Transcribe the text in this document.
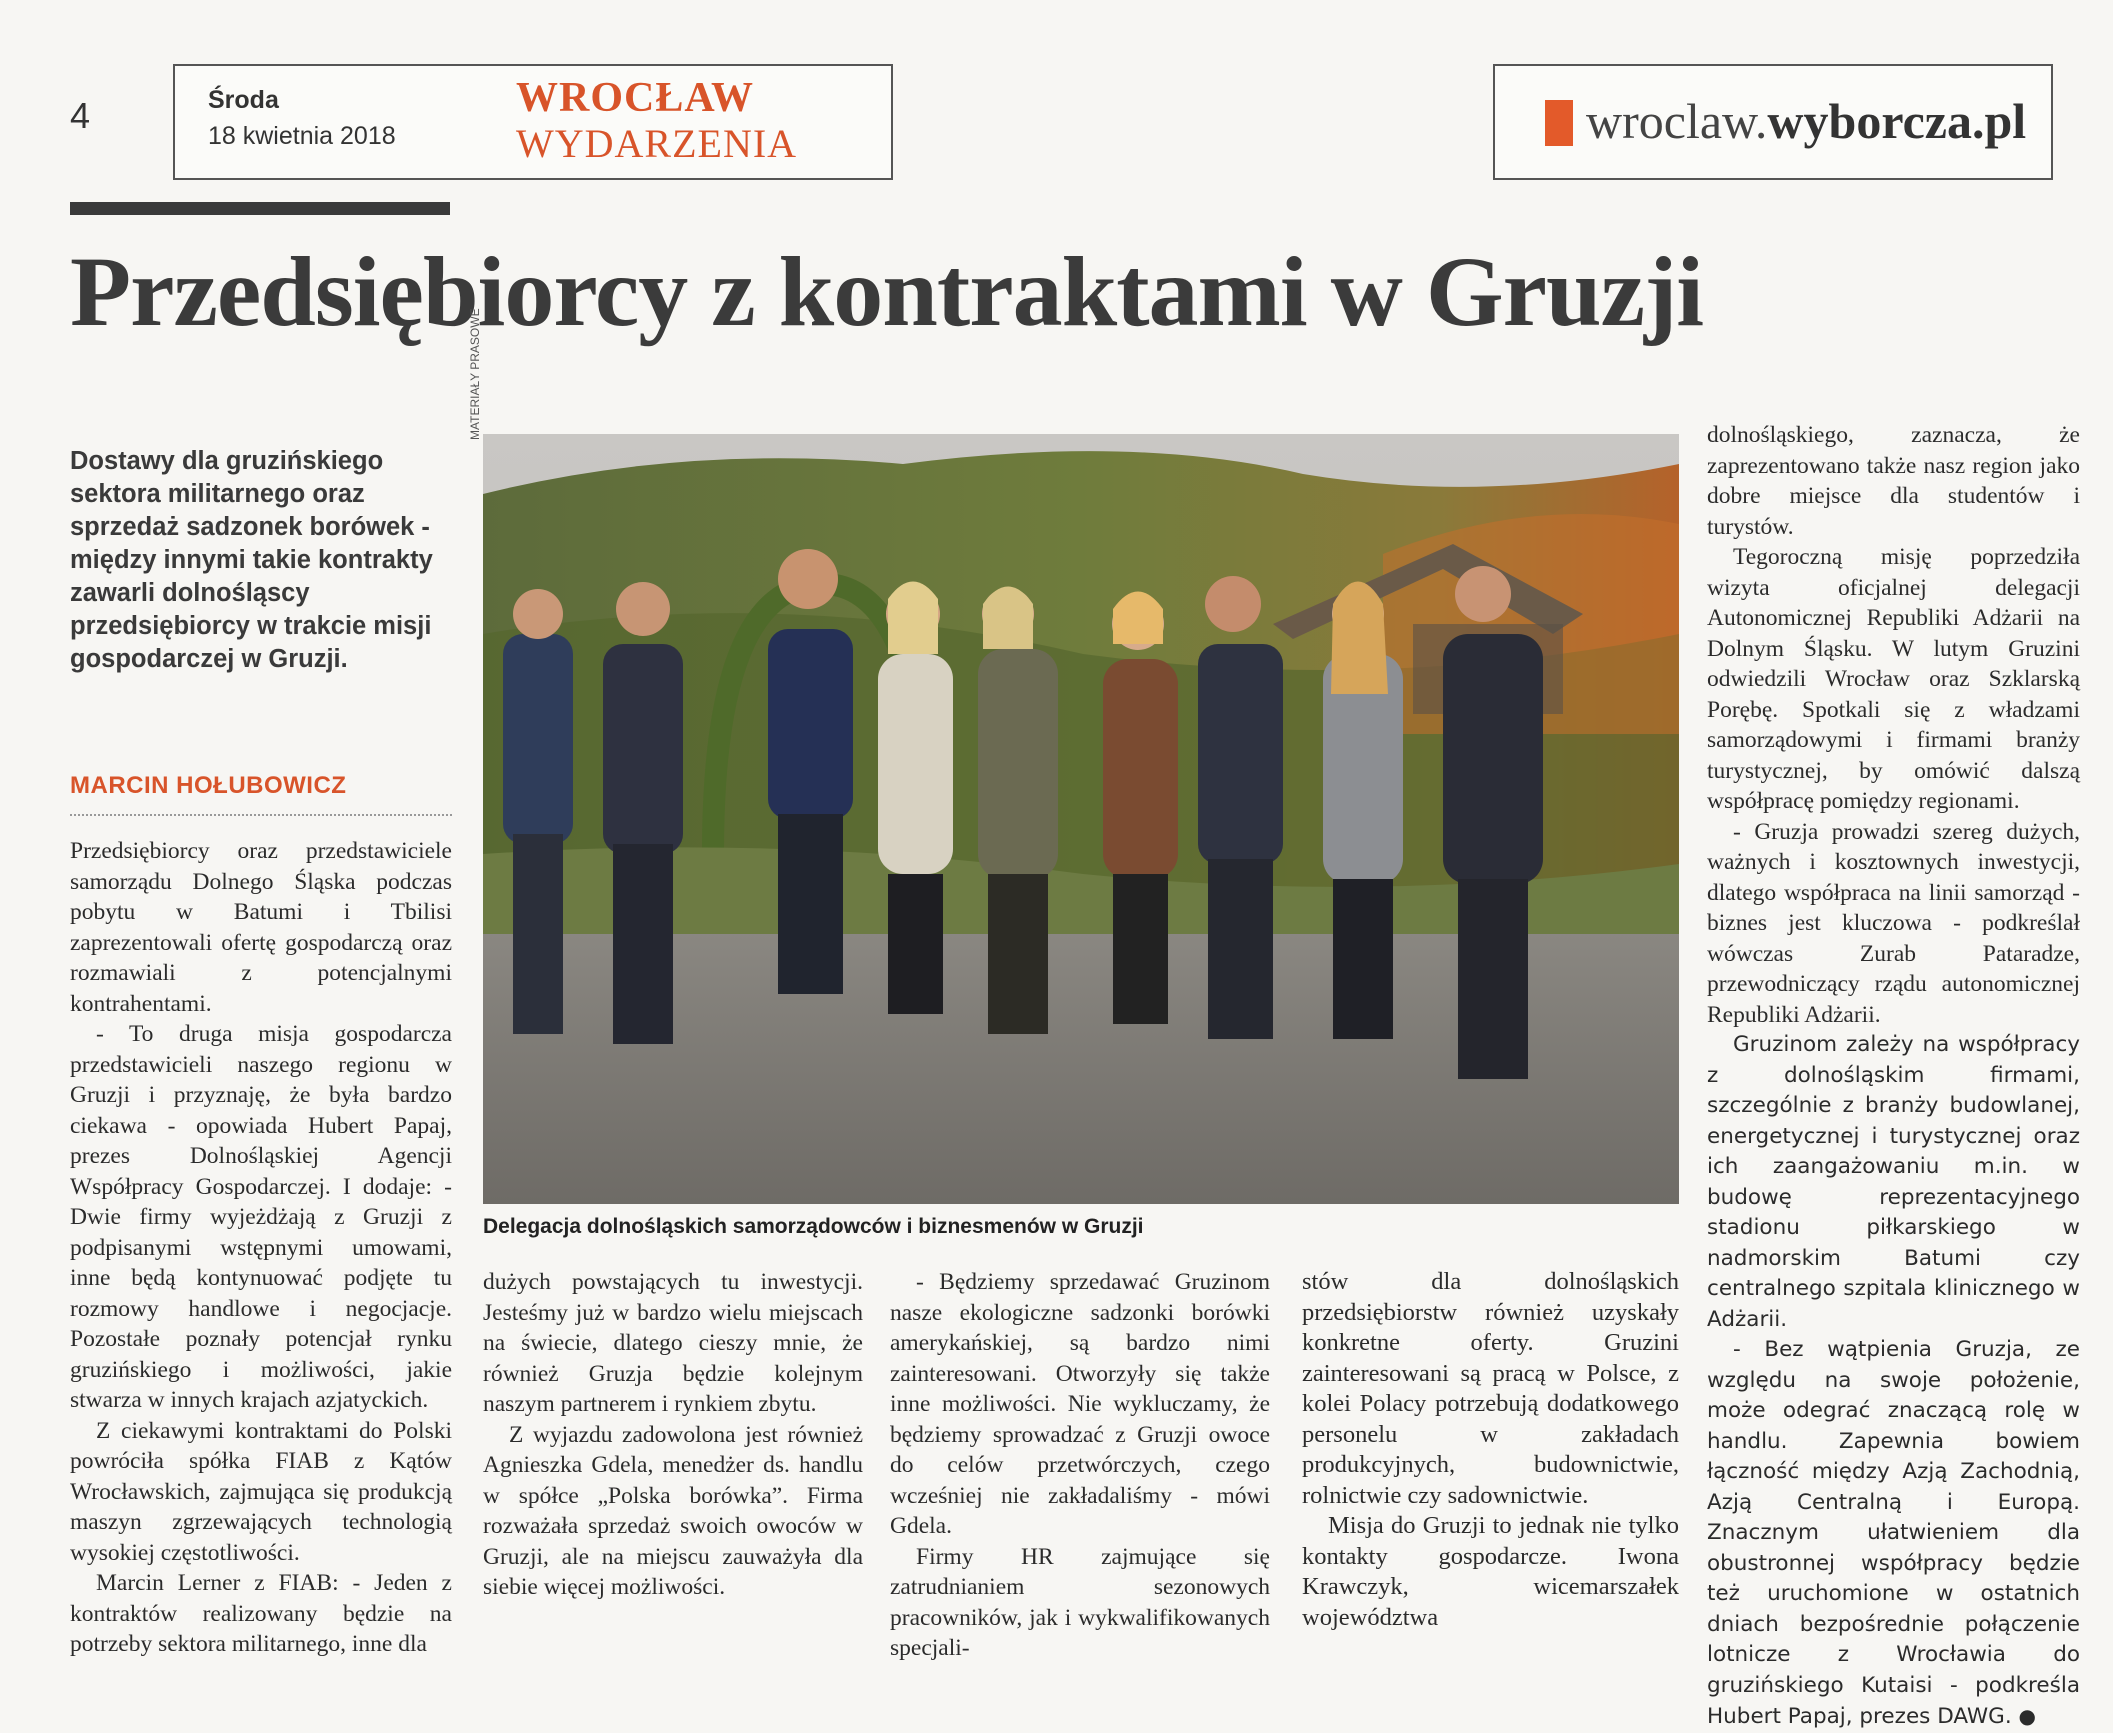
4	Środa
18 kwietnia 2018
WROCŁAW
WYDARZENIA	wroclaw.wyborcza.pl
Przedsiębiorcy z kontraktami w Gruzji
Dostawy dla gruzińskiego sektora militarnego oraz sprzedaż sadzonek borówek - między innymi takie kontrakty zawarli dolnośląscy przedsiębiorcy w trakcie misji gospodarczej w Gruzji.
MARCIN HOŁUBOWICZ
MATERIAŁY PRASOWE
Delegacja dolnośląskich samorządowców i biznesmenów w Gruzji

Przedsiębiorcy oraz przedstawiciele samorządu Dolnego Śląska podczas pobytu w Batumi i Tbilisi zaprezentowali ofertę gospodarczą oraz rozmawiali z potencjalnymi kontrahentami.

- To druga misja gospodarcza przedstawicieli naszego regionu w Gruzji i przyznaję, że była bardzo ciekawa - opowiada Hubert Papaj, prezes Dolnośląskiej Agencji Współpracy Gospodarczej. I dodaje: - Dwie firmy wyjeżdżają z Gruzji z podpisanymi wstępnymi umowami, inne będą kontynuować podjęte tu rozmowy handlowe i negocjacje. Pozostałe poznały potencjał rynku gruzińskiego i możliwości, jakie stwarza w innych krajach azjatyckich.

Z ciekawymi kontraktami do Polski powróciła spółka FIAB z Kątów Wrocławskich, zajmująca się produkcją maszyn zgrzewających technologią wysokiej częstotliwości.

Marcin Lerner z FIAB: - Jeden z kontraktów realizowany będzie na potrzeby sektora militarnego, inne dla

dużych powstających tu inwestycji. Jesteśmy już w bardzo wielu miejscach na świecie, dlatego cieszy mnie, że również Gruzja będzie kolejnym naszym partnerem i rynkiem zbytu.

Z wyjazdu zadowolona jest również Agnieszka Gdela, menedżer ds. handlu w spółce „Polska borówka”. Firma rozważała sprzedaż swoich owoców w Gruzji, ale na miejscu zauważyła dla siebie więcej możliwości.

- Będziemy sprzedawać Gruzinom nasze ekologiczne sadzonki borówki amerykańskiej, są bardzo nimi zainteresowani. Otworzyły się także inne możliwości. Nie wykluczamy, że będziemy sprowadzać z Gruzji owoce do celów przetwórczych, czego wcześniej nie zakładaliśmy - mówi Gdela.

Firmy HR zajmujące się zatrudnianiem sezonowych pracowników, jak i wykwalifikowanych specjali-

stów dla dolnośląskich przedsiębiorstw również uzyskały konkretne oferty. Gruzini zainteresowani są pracą w Polsce, z kolei Polacy potrzebują dodatkowego personelu w zakładach produkcyjnych, budownictwie, rolnictwie czy sadownictwie.

Misja do Gruzji to jednak nie tylko kontakty gospodarcze. Iwona Krawczyk, wicemarszałek województwa

dolnośląskiego, zaznacza, że zaprezentowano także nasz region jako dobre miejsce dla studentów i turystów.

Tegoroczną misję poprzedziła wizyta oficjalnej delegacji Autonomicznej Republiki Adżarii na Dolnym Śląsku. W lutym Gruzini odwiedzili Wrocław oraz Szklarską Porębę. Spotkali się z władzami samorządowymi i firmami branży turystycznej, by omówić dalszą współpracę pomiędzy regionami.

- Gruzja prowadzi szereg dużych, ważnych i kosztownych inwestycji, dlatego współpraca na linii samorząd - biznes jest kluczowa - podkreślał wówczas Zurab Pataradze, przewodniczący rządu autonomicznej Republiki Adżarii.

Gruzinom zależy na współpracy z dolnośląskim firmami, szczególnie z branży budowlanej, energetycznej i turystycznej oraz ich zaangażowaniu m.in. w budowę reprezentacyjnego stadionu piłkarskiego w nadmorskim Batumi czy centralnego szpitala klinicznego w Adżarii.

- Bez wątpienia Gruzja, ze względu na swoje położenie, może odegrać znaczącą rolę w handlu. Zapewnia bowiem łączność między Azją Zachodnią, Azją Centralną i Europą. Znacznym ułatwieniem dla obustronnej współpracy będzie też uruchomione w ostatnich dniach bezpośrednie połączenie lotnicze z Wrocławia do gruzińskiego Kutaisi - podkreśla Hubert Papaj, prezes DAWG. ●
